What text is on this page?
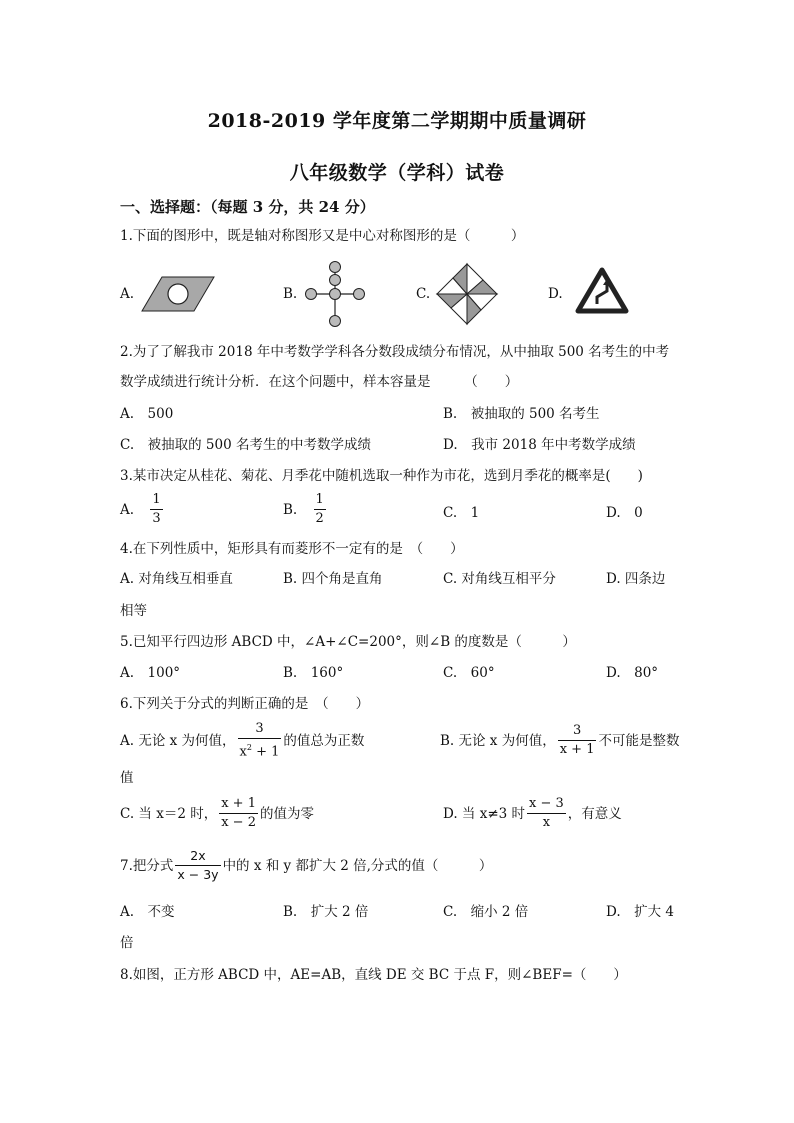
2018-2019 学年度第二学期期中质量调研
八年级数学（学科）试卷
一、选择题：（每题 3 分，共 24 分）
1.下面的图形中，既是轴对称图形又是中心对称图形的是（　　　）
A.	B.	C.	D.
2.为了了解我市 2018 年中考数学学科各分数段成绩分布情况，从中抽取 500 名考生的中考
数学成绩进行统计分析．在这个问题中，样本容量是　　　（　　）
A.　500	B.　被抽取的 500 名考生
C.　被抽取的 500 名考生的中考数学成绩	D.　我市 2018 年中考数学成绩
3.某市决定从桂花、菊花、月季花中随机选取一种作为市花，选到月季花的概率是(　　)
A. $\frac{1}{3}$	B. $\frac{1}{2}$	C.　1	D.　0
4.在下列性质中，矩形具有而菱形不一定有的是　（　　）
A. 对角线互相垂直	B. 四个角是直角	C. 对角线互相平分	D. 四条边
相等
5.已知平行四边形 ABCD 中，∠A+∠C=200°，则∠B 的度数是（　　　）
A.　100°	B.　160°	C.　60°	D.　80°
6.下列关于分式的判断正确的是　（　　）
A. 无论 x 为何值， $\frac{3}{x^2 + 1}$ 的值总为正数	B. 无论 x 为何值， $\frac{3}{x + 1}$ 不可能是整数
值
C. 当 x＝2 时， $\frac{x + 1}{x - 2}$ 的值为零	D. 当 x≠3 时 $\frac{x - 3}{x}$ ，有意义
7.把分式 $\frac{2x}{x - 3y}$ 中的 x 和 y 都扩大 2 倍,分式的值（　　　）
A.　不变	B.　扩大 2 倍	C.　缩小 2 倍	D.　扩大 4
倍
8.如图，正方形 ABCD 中，AE=AB，直线 DE 交 BC 于点 F，则∠BEF=（　　）
